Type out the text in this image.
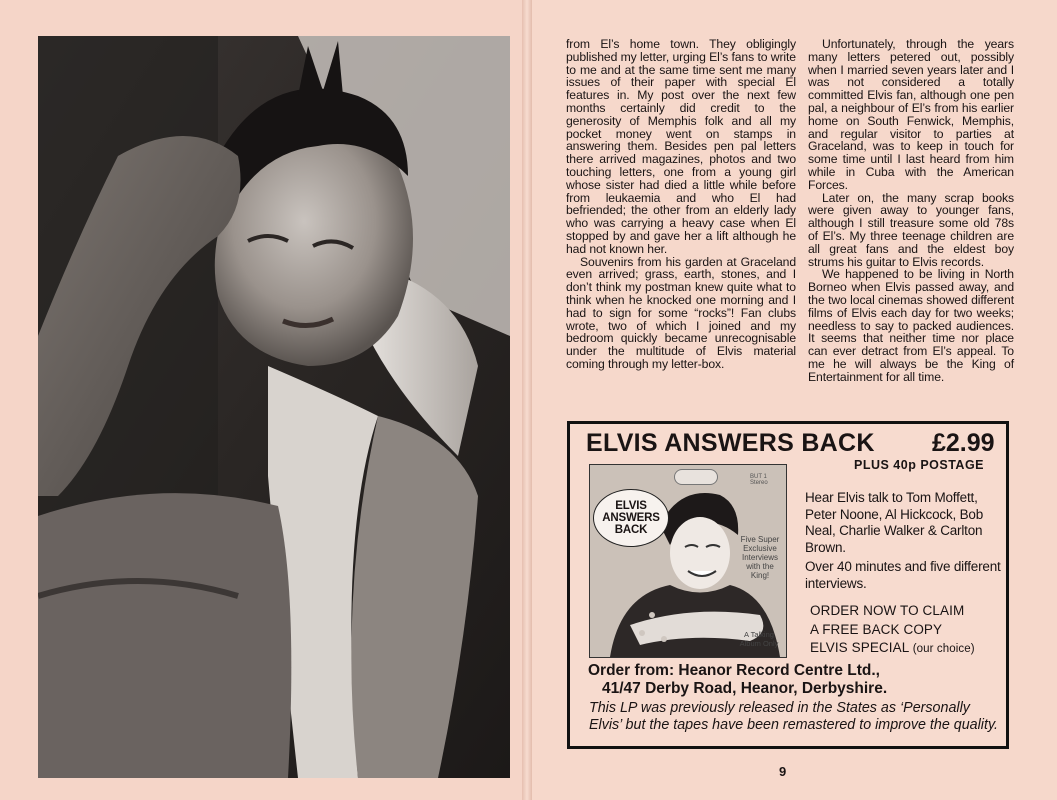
from El’s home town. They obligingly published my letter, urging El’s fans to write to me and at the same time sent me many issues of their paper with special El features in. My post over the next few months certainly did credit to the generosity of Memphis folk and all my pocket money went on stamps in answering them. Besides pen pal letters there arrived magazines, photos and two touching letters, one from a young girl whose sister had died a little while before from leukaemia and who El had befriended; the other from an elderly lady who was carrying a heavy case when El stopped by and gave her a lift although he had not known her.

Souvenirs from his garden at Graceland even arrived; grass, earth, stones, and I don’t think my postman knew quite what to think when he knocked one morning and I had to sign for some “rocks”! Fan clubs wrote, two of which I joined and my bedroom quickly became unrecognisable under the multitude of Elvis material coming through my letter-box.

Unfortunately, through the years many letters petered out, possibly when I married seven years later and I was not considered a totally committed Elvis fan, although one pen pal, a neighbour of El’s from his earlier home on South Fenwick, Memphis, and regular visitor to parties at Graceland, was to keep in touch for some time until I last heard from him while in Cuba with the American Forces.

Later on, the many scrap books were given away to younger fans, although I still treasure some old 78s of El’s. My three teenage children are all great fans and the eldest boy strums his guitar to Elvis records.

We happened to be living in North Borneo when Elvis passed away, and the two local cinemas showed different films of Elvis each day for two weeks; needless to say to packed audiences. It seems that neither time nor place can ever detract from El’s appeal. To me he will always be the King of Entertainment for all time.

ELVIS ANSWERS BACK £2.99
PLUS 40p POSTAGE
BUT 1 Stereo
ELVIS
ANSWERS
BACK
Five Super Exclusive Interviews with the King!
A Talking Album Only

Hear Elvis talk to Tom Moffett, Peter Noone, Al Hickcock, Bob Neal, Charlie Walker & Carlton Brown.

Over 40 minutes and five different interviews.

ORDER NOW TO CLAIM
A FREE BACK COPY
ELVIS SPECIAL (our choice)
Order from: Heanor Record Centre Ltd.,
41/47 Derby Road, Heanor, Derbyshire.
This LP was previously released in the States as ‘Personally Elvis’ but the tapes have been remastered to improve the quality.
9
